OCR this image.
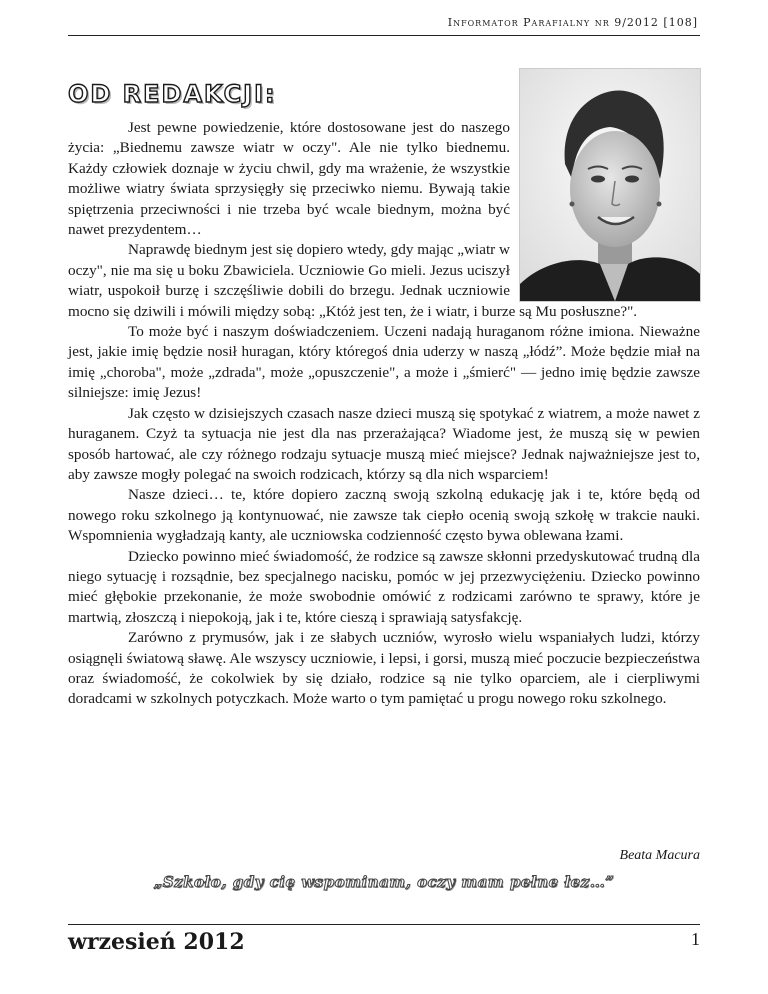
Informator Parafialny nr 9/2012 [108]
OD REDAKCJI:

Jest pewne powiedzenie, które dostosowane jest do naszego życia: „Biednemu zawsze wiatr w oczy". Ale nie tylko biednemu. Każdy człowiek doznaje w życiu chwil, gdy ma wrażenie, że wszystkie możliwe wiatry świata sprzysięgły się przeciwko niemu. Bywają takie spiętrzenia przeciwności i nie trzeba być wcale biednym, można być nawet prezydentem…

Naprawdę biednym jest się dopiero wtedy, gdy mając „wiatr w oczy", nie ma się u boku Zbawiciela. Uczniowie Go mieli. Jezus uciszył wiatr, uspokoił burzę i szczęśliwie dobili do brzegu. Jednak uczniowie mocno się dziwili i mówili między sobą: „Któż jest ten, że i wiatr, i burze są Mu posłuszne?".

To może być i naszym doświadczeniem. Uczeni nadają huraganom różne imiona. Nieważne jest, jakie imię będzie nosił huragan, który któregoś dnia uderzy w naszą „łódź”. Może będzie miał na imię „choroba", może „zdrada", może „opuszczenie", a może i „śmierć" — jedno imię będzie zawsze silniejsze: imię Jezus!

Jak często w dzisiejszych czasach nasze dzieci muszą się spotykać z wiatrem, a może nawet z huraganem. Czyż ta sytuacja nie jest dla nas przerażająca? Wiadome jest, że muszą się w pewien sposób hartować, ale czy różnego rodzaju sytuacje muszą mieć miejsce? Jednak najważniejsze jest to, aby zawsze mogły polegać na swoich rodzicach, którzy są dla nich wsparciem!

Nasze dzieci… te, które dopiero zaczną swoją szkolną edukację jak i te, które będą od nowego roku szkolnego ją kontynuować, nie zawsze tak ciepło ocenią swoją szkołę w trakcie nauki. Wspomnienia wygładzają kanty, ale uczniowska codzienność często bywa oblewana łzami.

Dziecko powinno mieć świadomość, że rodzice są zawsze skłonni przedyskutować trudną dla niego sytuację i rozsądnie, bez specjalnego nacisku, pomóc w jej przezwyciężeniu. Dziecko powinno mieć głębokie przekonanie, że może swobodnie omówić z rodzicami zarówno te sprawy, które je martwią, złoszczą i niepokoją, jak i te, które cieszą i sprawiają satysfakcję.

Zarówno z prymusów, jak i ze słabych uczniów, wyrosło wielu wspaniałych ludzi, którzy osiągnęli światową sławę. Ale wszyscy uczniowie, i lepsi, i gorsi, muszą mieć poczucie bezpieczeństwa oraz świadomość, że cokolwiek by się działo, rodzice są nie tylko oparciem, ale i cierpliwymi doradcami w szkolnych potyczkach. Może warto o tym pamiętać u progu nowego roku szkolnego.

Beata Macura
„Szkoło, gdy cię wspominam, oczy mam pełne łez…”
wrzesień 2012	1
